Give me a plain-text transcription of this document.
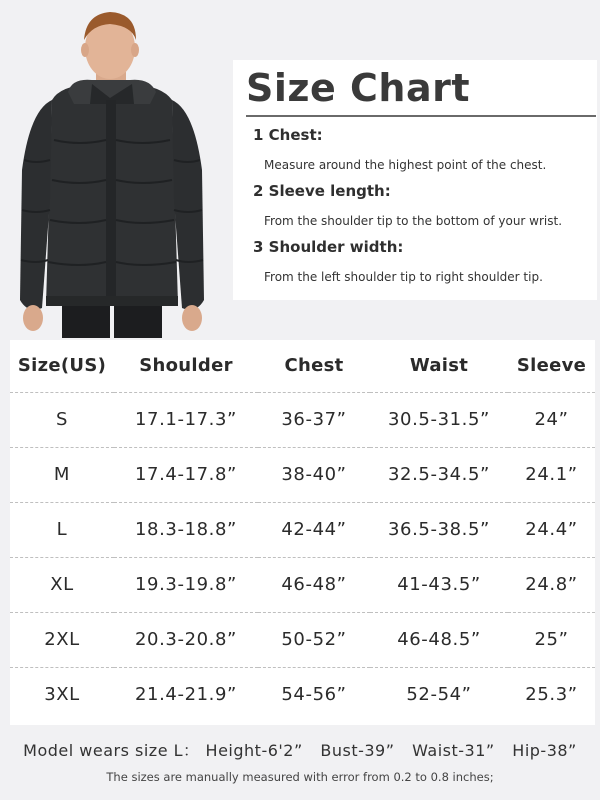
Size Chart
1 Chest:
Measure around the highest point of the chest.
2 Sleeve length:
From the shoulder tip to the bottom of your wrist.
3 Shoulder width:
From the left shoulder tip to right shoulder tip.
Size(US)	Shoulder	Chest	Waist	Sleeve
S	17.1-17.3”	36-37”	30.5-31.5”	24”
M	17.4-17.8”	38-40”	32.5-34.5”	24.1”
L	18.3-18.8”	42-44”	36.5-38.5”	24.4”
XL	19.3-19.8”	46-48”	41-43.5”	24.8”
2XL	20.3-20.8”	50-52”	46-48.5”	25”
3XL	21.4-21.9”	54-56”	52-54”	25.3”
Model wears size L： Height-6'2” Bust-39” Waist-31” Hip-38”
The sizes are manually measured with error from 0.2 to 0.8 inches;
